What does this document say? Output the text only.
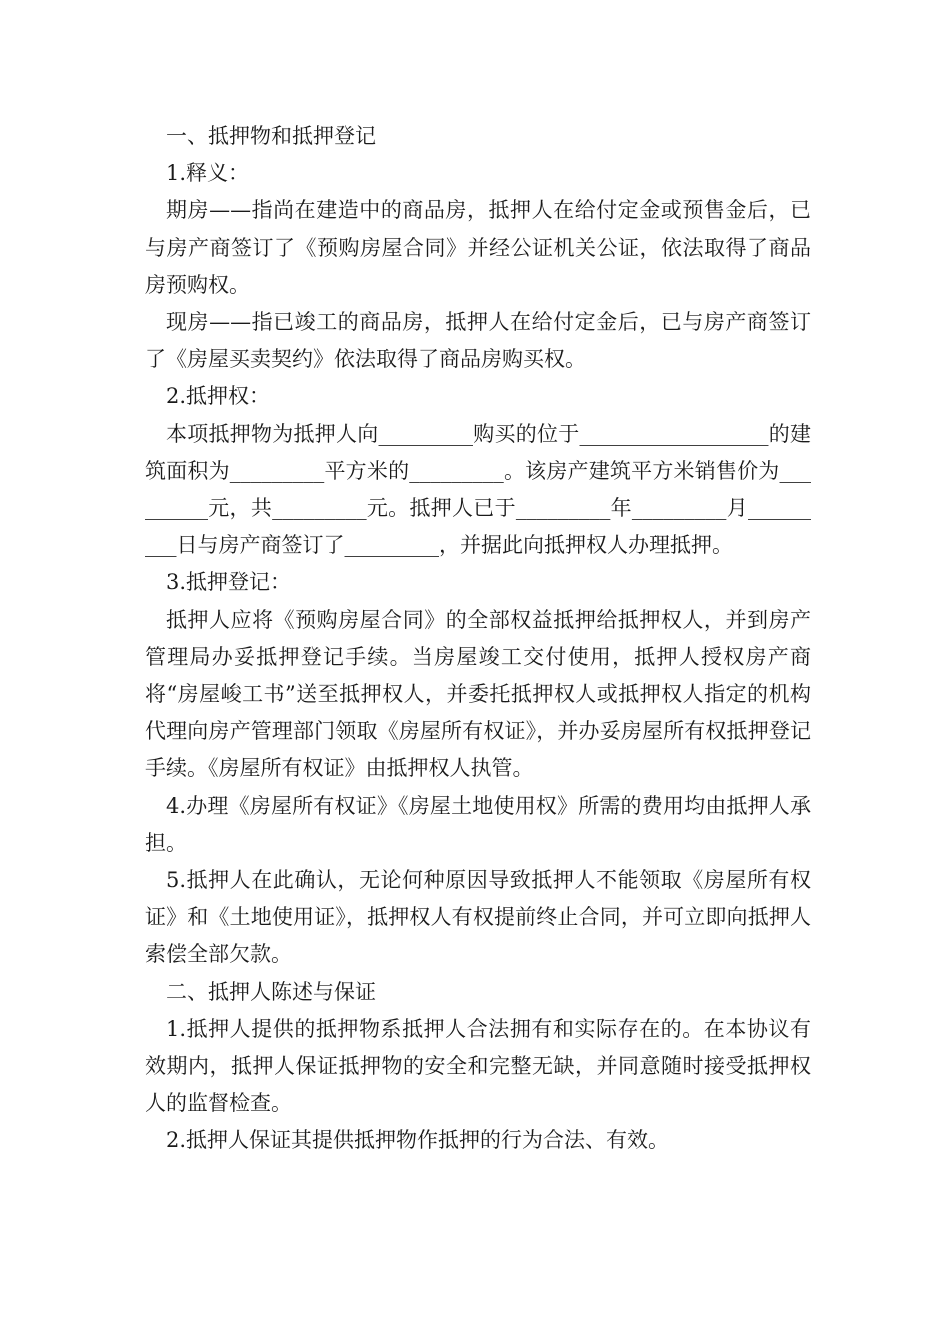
一、抵押物和抵押登记

1.释义：

期房——指尚在建造中的商品房，抵押人在给付定金或预售金后，已与房产商签订了《预购房屋合同》并经公证机关公证，依法取得了商品房预购权。

现房——指已竣工的商品房，抵押人在给付定金后，已与房产商签订了《房屋买卖契约》依法取得了商品房购买权。

2.抵押权：

本项抵押物为抵押人向_________购买的位于__________________的建筑面积为_________平方米的_________。该房产建筑平方米销售价为_________元，共_________元。抵押人已于_________年_________月_________日与房产商签订了_________，并据此向抵押权人办理抵押。

3.抵押登记：

抵押人应将《预购房屋合同》的全部权益抵押给抵押权人，并到房产管理局办妥抵押登记手续。当房屋竣工交付使用，抵押人授权房产商将“房屋峻工书”送至抵押权人，并委托抵押权人或抵押权人指定的机构代理向房产管理部门领取《房屋所有权证》，并办妥房屋所有权抵押登记手续。《房屋所有权证》由抵押权人执管。

4.办理《房屋所有权证》《房屋土地使用权》所需的费用均由抵押人承担。

5.抵押人在此确认，无论何种原因导致抵押人不能领取《房屋所有权证》和《土地使用证》，抵押权人有权提前终止合同，并可立即向抵押人索偿全部欠款。

二、抵押人陈述与保证

1.抵押人提供的抵押物系抵押人合法拥有和实际存在的。在本协议有效期内，抵押人保证抵押物的安全和完整无缺，并同意随时接受抵押权人的监督检查。

2.抵押人保证其提供抵押物作抵押的行为合法、有效。
